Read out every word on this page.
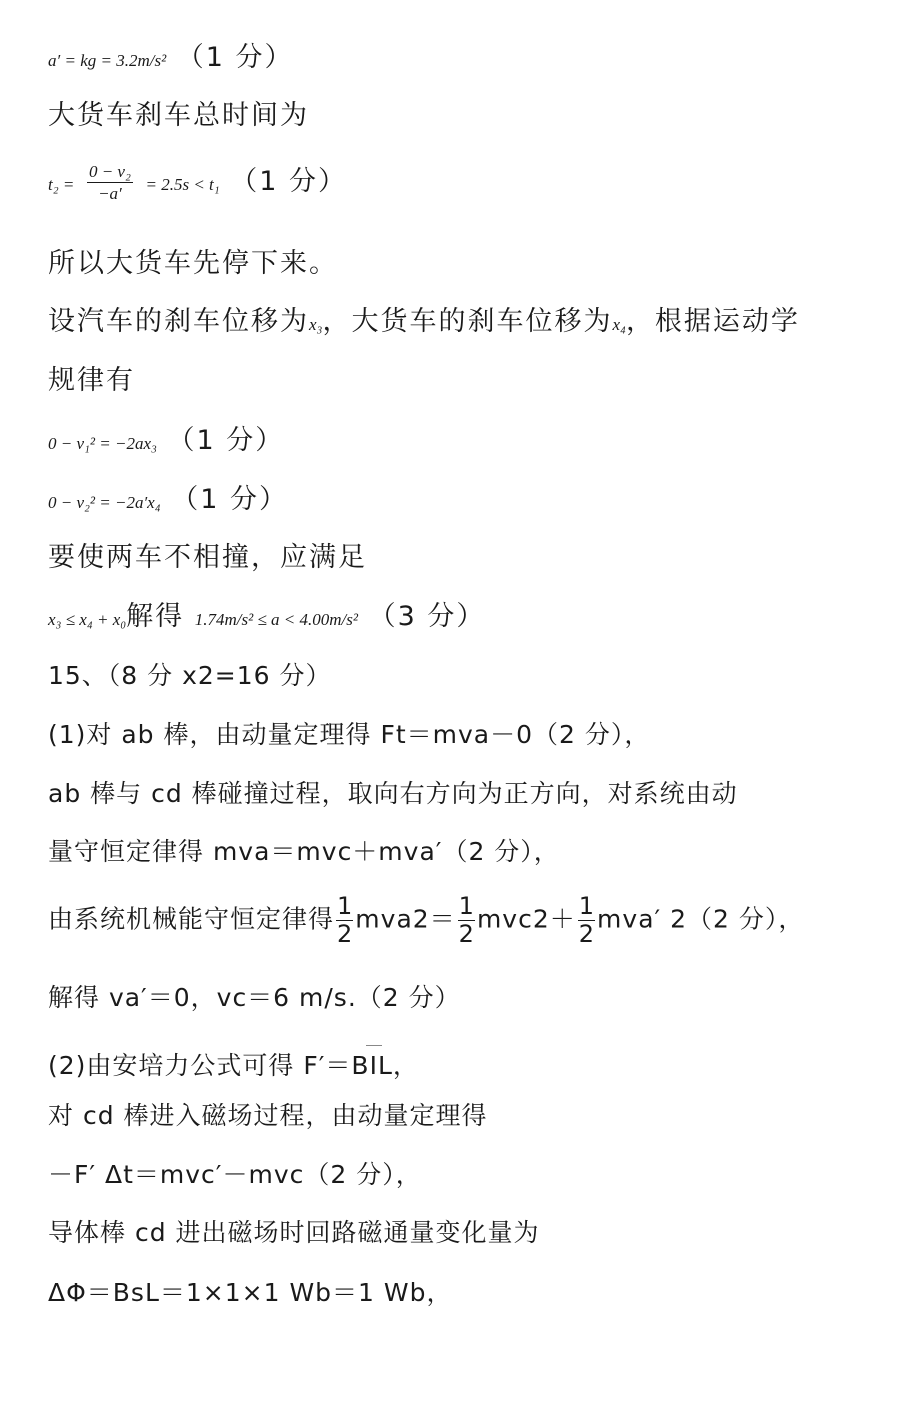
a′ = kg = 3.2m/s² （1 分）
大货车刹车总时间为
$t_2 = \frac{\text{0 − v₂}}{-a'} = 2.5s < t_1$ （1 分）
所以大货车先停下来。
设汽车的刹车位移为x₃，大货车的刹车位移为x₄，根据运动学
规律有
0 − v₁² = −2ax₃ （1 分）
0 − v₂² = −2a′x₄ （1 分）
要使两车不相撞，应满足
x₃ ≤ x₄ + x₀解得 1.74m/s² ≤ a < 4.00m/s² （3 分）
15、（8 分 x2=16 分）
(1)对 ab 棒，由动量定理得 Ft＝mva－0（2 分），
ab 棒与 cd 棒碰撞过程，取向右方向为正方向，对系统由动
量守恒定律得 mva＝mvc＋mva′（2 分），
由系统机械能守恒定律得 $\frac{1}{2} mva2= \frac{1}{2} mvc2+ \frac{1}{2} mva'$ 2（2 分），
解得 va′＝0，vc＝6 m/s.（2 分）
(2)由安培力公式可得 F′＝BIL，
对 cd 棒进入磁场过程，由动量定理得
－F′ Δt＝mvc′－mvc（2 分），
导体棒 cd 进出磁场时回路磁通量变化量为
ΔΦ＝BsL＝1×1×1 Wb＝1 Wb，
